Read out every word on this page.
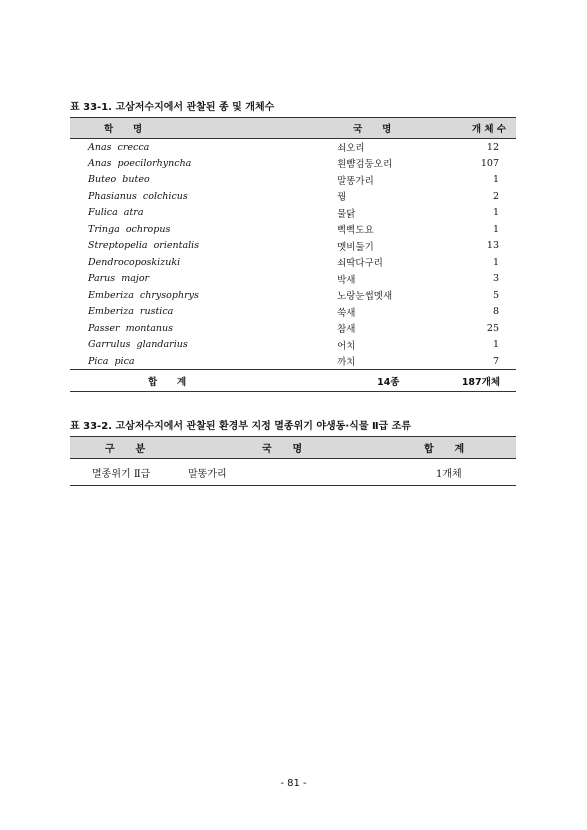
표 33-1. 고삼저수지에서 관찰된 종 및 개체수
학      명	국      명	개 체 수
Anas  crecca	쇠오리	12
Anas  poecilorhyncha	흰뺨검둥오리	107
Buteo  buteo	말똥가리	1
Phasianus  colchicus	꿩	2
Fulica  atra	물닭	1
Tringa  ochropus	삑삑도요	1
Streptopelia  orientalis	멧비둘기	13
Dendrocoposkizuki	쇠딱다구리	1
Parus  major	박새	3
Emberiza  chrysophrys	노랑눈썹멧새	5
Emberiza  rustica	쑥새	8
Passer  montanus	참새	25
Garrulus  glandarius	어치	1
Pica  pica	까치	7
합      계	14종	187개체
표 33-2. 고삼저수지에서 관찰된 환경부 지정 멸종위기 야생동·식물 Ⅱ급 조류
구      분	국      명	합      계
멸종위기 Ⅱ급	말똥가리	1개체
- 81 -
